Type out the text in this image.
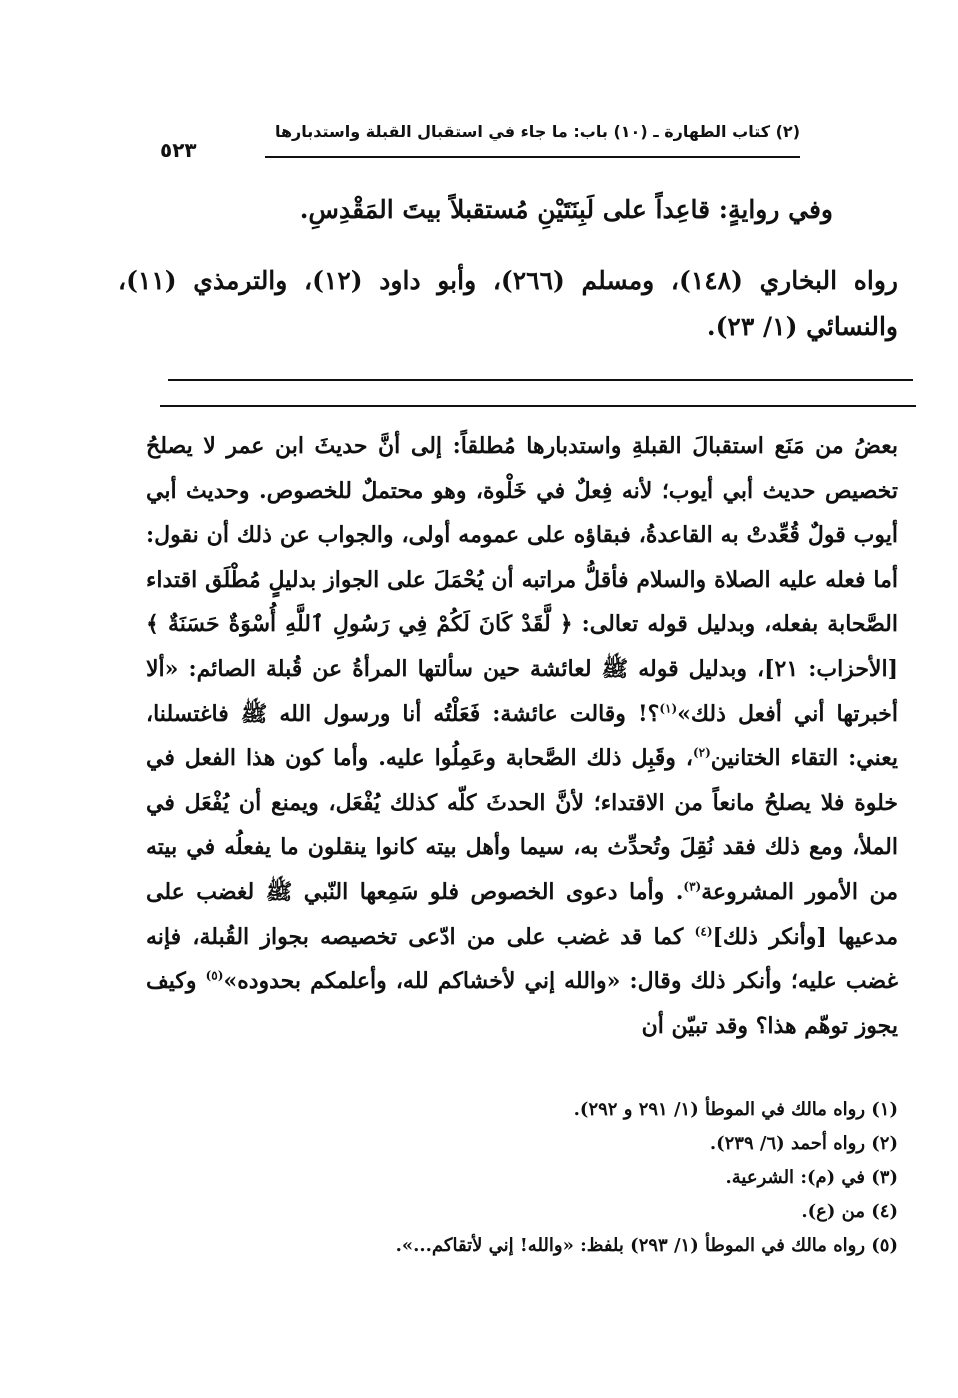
(٢) كتاب الطهارة ـ (١٠) باب: ما جاء في استقبال القبلة واستدبارها
٥٢٣
وفي روايةٍ: قاعِداً على لَبِنَتَيْنِ مُستقبلاً بيتَ المَقْدِسِ.
رواه البخاري (١٤٨)، ومسلم (٢٦٦)، وأبو داود (١٢)، والترمذي (١١)، والنسائي (١/ ٢٣).

بعضُ من مَنَع استقبالَ القبلةِ واستدبارها مُطلقاً: إلى أنَّ حديثَ ابن عمر لا يصلحُ تخصيص حديث أبي أيوب؛ لأنه فِعلٌ في خَلْوة، وهو محتملٌ للخصوص. وحديث أبي أيوب قولٌ قُعِّدتْ به القاعدةُ، فبقاؤه على عمومه أولى، والجواب عن ذلك أن نقول: أما فعله عليه الصلاة والسلام فأقلُّ مراتبه أن يُحْمَلَ على الجواز بدليلٍ مُطْلَق اقتداء الصَّحابة بفعله، وبدليل قوله تعالى: ﴿ لَّقَدْ كَانَ لَكُمْ فِي رَسُولِ ٱللَّهِ أُسْوَةٌ حَسَنَةٌ ﴾ [الأحزاب: ٢١]، وبدليل قوله ﷺ لعائشة حين سألتها المرأةُ عن قُبلة الصائم: «ألا أخبرتها أني أفعل ذلك»$^{(١)}$؟! وقالت عائشة: فَعَلْتُه أنا ورسول الله ﷺ فاغتسلنا، يعني: التقاء الختانين$^{(٢)}$، وقَبِل ذلك الصَّحابة وعَمِلُوا عليه. وأما كون هذا الفعل في خلوة فلا يصلحُ مانعاً من الاقتداء؛ لأنَّ الحدثَ كلّه كذلك يُفْعَل، ويمنع أن يُفْعَل في الملأ، ومع ذلك فقد نُقِلَ وتُحدِّث به، سيما وأهل بيته كانوا ينقلون ما يفعلُه في بيته من الأمور المشروعة$^{(٣)}$. وأما دعوى الخصوص فلو سَمِعها النّبي ﷺ لغضب على مدعيها [وأنكر ذلك]$^{(٤)}$ كما قد غضب على من ادّعى تخصيصه بجواز القُبلة، فإنه غضب عليه؛ وأنكر ذلك وقال: «والله إني لأخشاكم لله، وأعلمكم بحدوده»$^{(٥)}$ وكيف يجوز توهّم هذا؟ وقد تبيّن أن

(١) رواه مالك في الموطأ (١/ ٢٩١ و ٢٩٢).
(٢) رواه أحمد (٦/ ٢٣٩).
(٣) في (م): الشرعية.
(٤) من (ع).
(٥) رواه مالك في الموطأ (١/ ٢٩٣) بلفظ: «والله! إني لأتقاكم...».
